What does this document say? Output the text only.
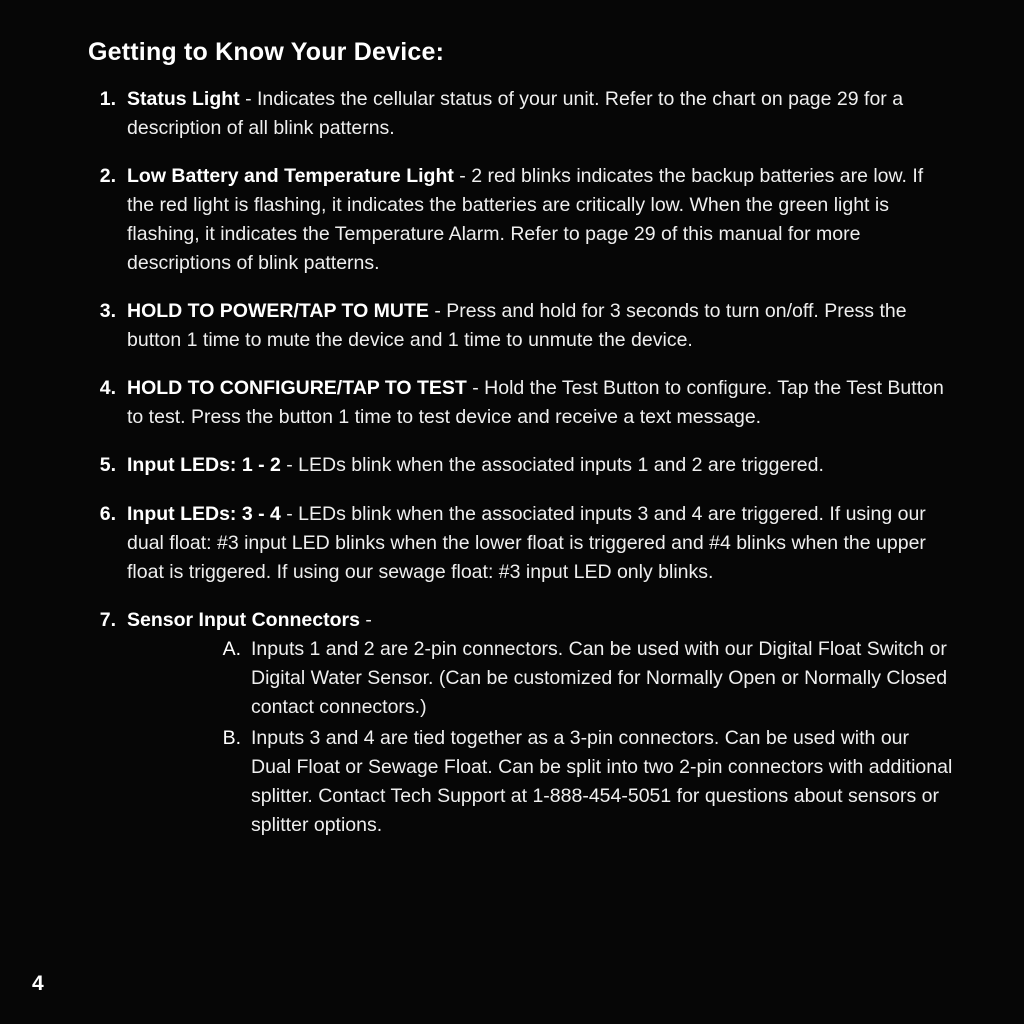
Getting to Know Your Device:
1. Status Light - Indicates the cellular status of your unit. Refer to the chart on page 29 for a description of all blink patterns.
2. Low Battery and Temperature Light - 2 red blinks indicates the backup batteries are low. If the red light is flashing, it indicates the batteries are critically low. When the green light is flashing, it indicates the Temperature Alarm. Refer to page 29 of this manual for more descriptions of blink patterns.
3. HOLD TO POWER/TAP TO MUTE - Press and hold for 3 seconds to turn on/off. Press the button 1 time to mute the device and 1 time to unmute the device.
4. HOLD TO CONFIGURE/TAP TO TEST - Hold the Test Button to configure. Tap the Test Button to test. Press the button 1 time to test device and receive a text message.
5. Input LEDs: 1 - 2 - LEDs blink when the associated inputs 1 and 2 are triggered.
6. Input LEDs: 3 - 4 - LEDs blink when the associated inputs 3 and 4 are triggered. If using our dual float: #3 input LED blinks when the lower float is triggered and #4 blinks when the upper float is triggered. If using our sewage float: #3 input LED only blinks.
7. Sensor Input Connectors -
A. Inputs 1 and 2 are 2-pin connectors. Can be used with our Digital Float Switch or Digital Water Sensor. (Can be customized for Normally Open or Normally Closed contact connectors.)
B. Inputs 3 and 4 are tied together as a 3-pin connectors. Can be used with our Dual Float or Sewage Float. Can be split into two 2-pin connectors with additional splitter. Contact Tech Support at 1-888-454-5051 for questions about sensors or splitter options.
4
